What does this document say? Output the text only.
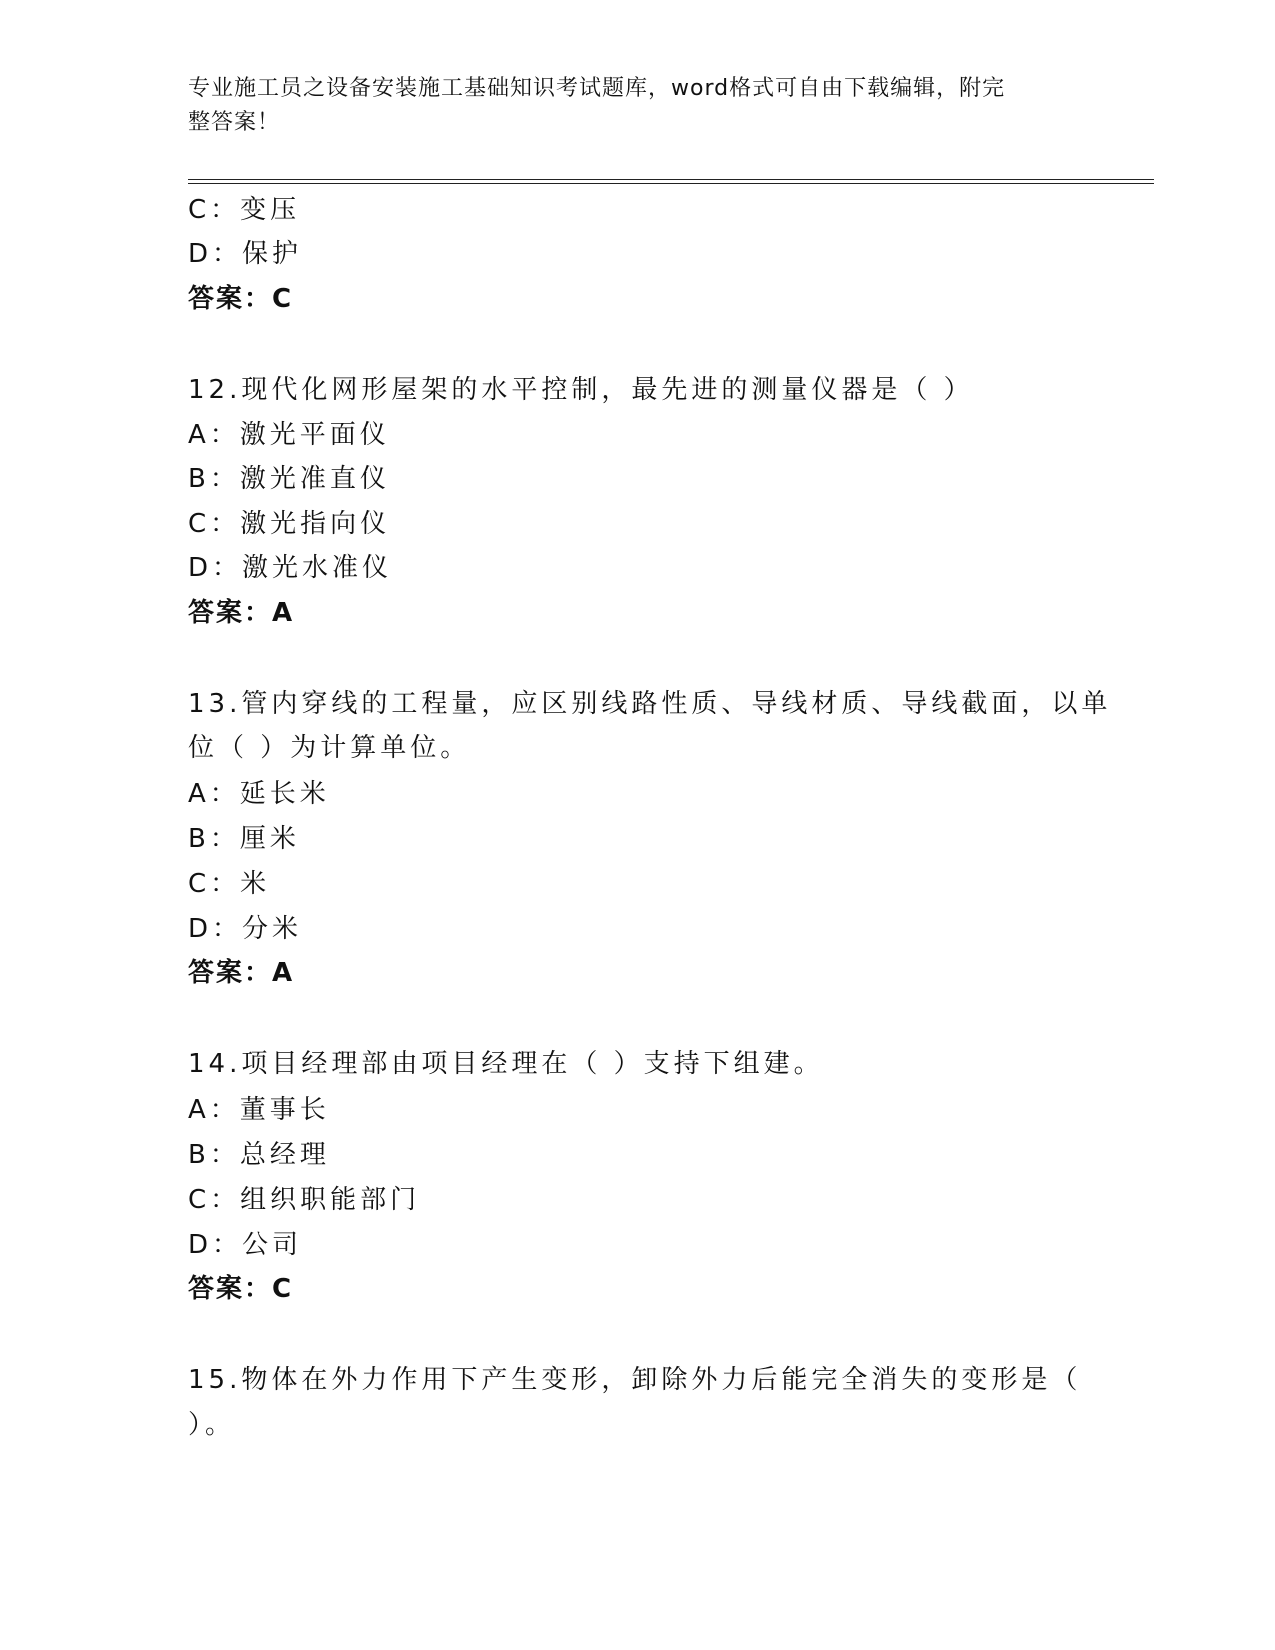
专业施工员之设备安装施工基础知识考试题库，word格式可自由下载编辑，附完
整答案！
C：变压
D：保护
答案：C
12.现代化网形屋架的水平控制，最先进的测量仪器是（ ）
A：激光平面仪
B：激光准直仪
C：激光指向仪
D：激光水准仪
答案：A
13.管内穿线的工程量，应区别线路性质、导线材质、导线截面，以单
位（ ）为计算单位。
A：延长米
B：厘米
C：米
D：分米
答案：A
14.项目经理部由项目经理在（ ）支持下组建。
A：董事长
B：总经理
C：组织职能部门
D：公司
答案：C
15.物体在外力作用下产生变形，卸除外力后能完全消失的变形是（
）。
